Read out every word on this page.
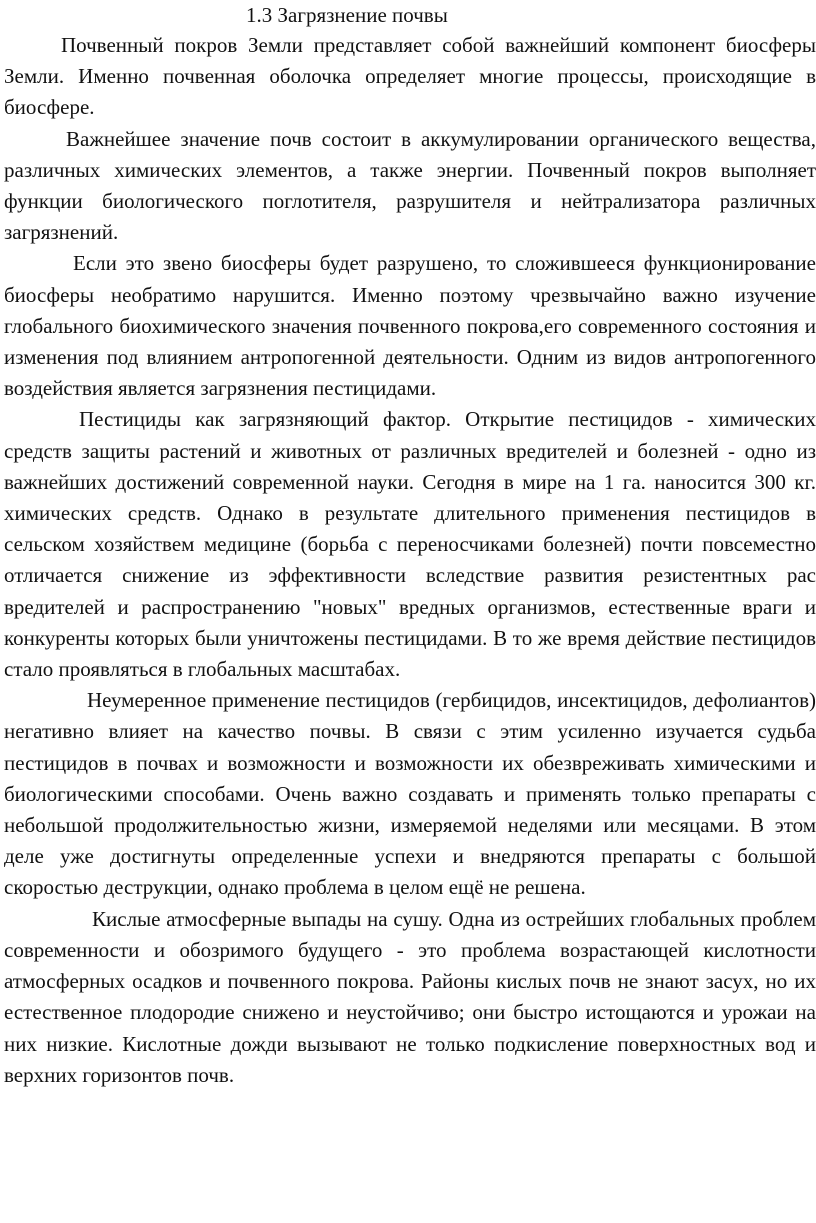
1.3 Загрязнение почвы

Почвенный покров Земли представляет собой важнейший компонент биосферы Земли. Именно почвенная оболочка определяет многие процессы, происходящие в биосфере.

Важнейшее значение почв состоит в аккумулировании органического вещества, различных химических элементов, а также энергии. Почвенный покров выполняет функции биологического поглотителя, разрушителя и нейтрализатора различных загрязнений.

Если это звено биосферы будет разрушено, то сложившееся функционирование биосферы необратимо нарушится. Именно поэтому чрезвычайно важно изучение глобального биохимического значения почвенного покрова,его современного состояния и изменения под влиянием антропогенной деятельности. Одним из видов антропогенного воздействия является загрязнения пестицидами.

Пестициды как загрязняющий фактор. Открытие пестицидов - химических средств защиты растений и животных от различных вредителей и болезней - одно из важнейших достижений современной науки. Сегодня в мире на 1 га. наносится 300 кг. химических средств. Однако в результате длительного применения пестицидов в сельском хозяйствем медицине (борьба с переносчиками болезней) почти повсеместно отличается снижение из эффективности вследствие развития резистентных рас вредителей и распространению "новых" вредных организмов, естественные враги и конкуренты которых были уничтожены пестицидами. В то же время действие пестицидов стало проявляться в глобальных масштабах.

Неумеренное применение пестицидов (гербицидов, инсектицидов, дефолиантов) негативно влияет на качество почвы. В связи с этим усиленно изучается судьба пестицидов в почвах и возможности и возможности их обезвреживать химическими и биологическими способами. Очень важно создавать и применять только препараты с небольшой продолжительностью жизни, измеряемой неделями или месяцами. В этом деле уже достигнуты определенные успехи и внедряются препараты с большой скоростью деструкции, однако проблема в целом ещё не решена.

Кислые атмосферные выпады на сушу. Одна из острейших глобальных проблем современности и обозримого будущего - это проблема возрастающей кислотности атмосферных осадков и почвенного покрова. Районы кислых почв не знают засух, но их естественное плодородие снижено и неустойчиво; они быстро истощаются и урожаи на них низкие. Кислотные дожди вызывают не только подкисление поверхностных вод и верхних горизонтов почв.
